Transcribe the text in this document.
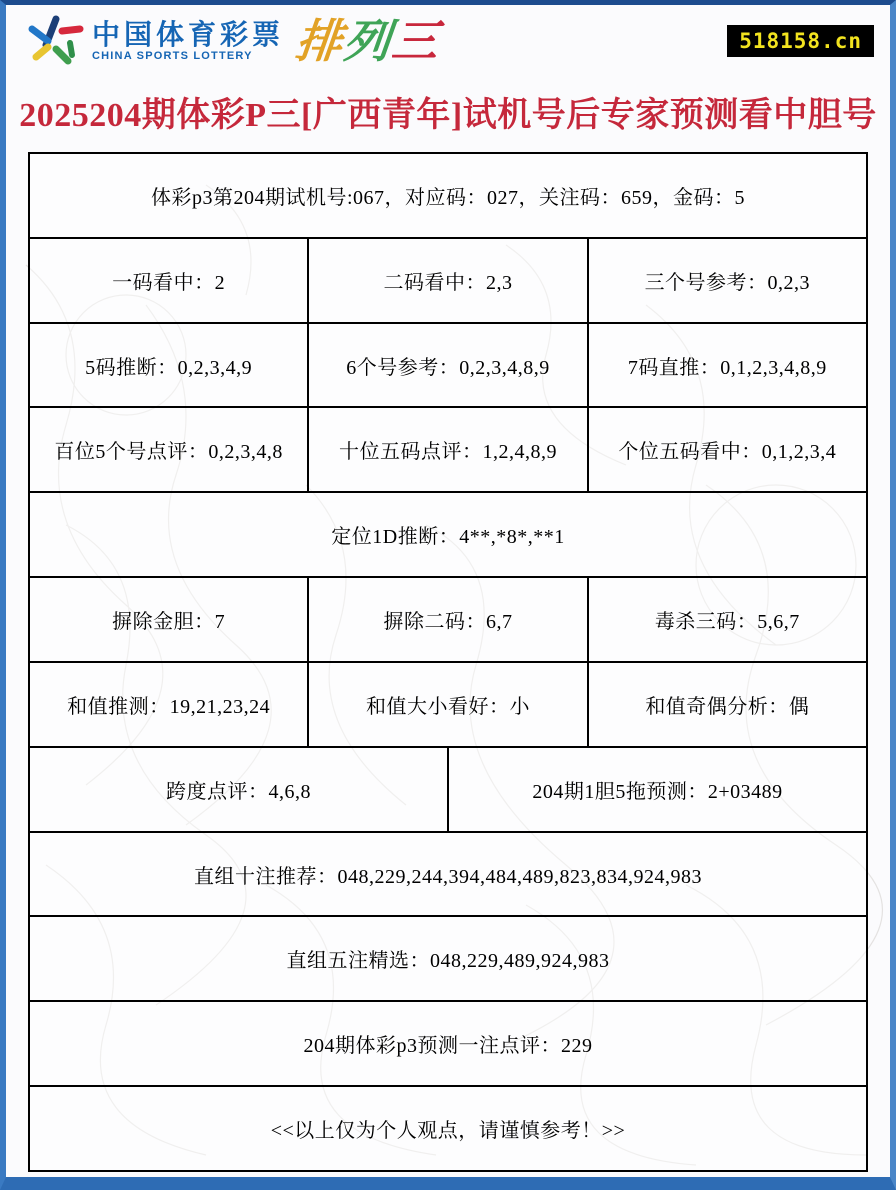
中国体育彩票
CHINA SPORTS LOTTERY 排
列
三	518158.cn
2025204期体彩P三[广西青年]试机号后专家预测看中胆号
体彩p3第204期试机号:067，对应码：027，关注码：659，金码：5
一码看中：2	二码看中：2,3	三个号参考：0,2,3
5码推断：0,2,3,4,9	6个号参考：0,2,3,4,8,9	7码直推：0,1,2,3,4,8,9
百位5个号点评：0,2,3,4,8	十位五码点评：1,2,4,8,9	个位五码看中：0,1,2,3,4
定位1D推断：4**,*8*,**1
摒除金胆：7	摒除二码：6,7	毒杀三码：5,6,7
和值推测：19,21,23,24	和值大小看好：小	和值奇偶分析：偶
跨度点评：4,6,8	204期1胆5拖预测：2+03489
直组十注推荐：048,229,244,394,484,489,823,834,924,983
直组五注精选：048,229,489,924,983
204期体彩p3预测一注点评：229
<<以上仅为个人观点，请谨慎参考！>>
